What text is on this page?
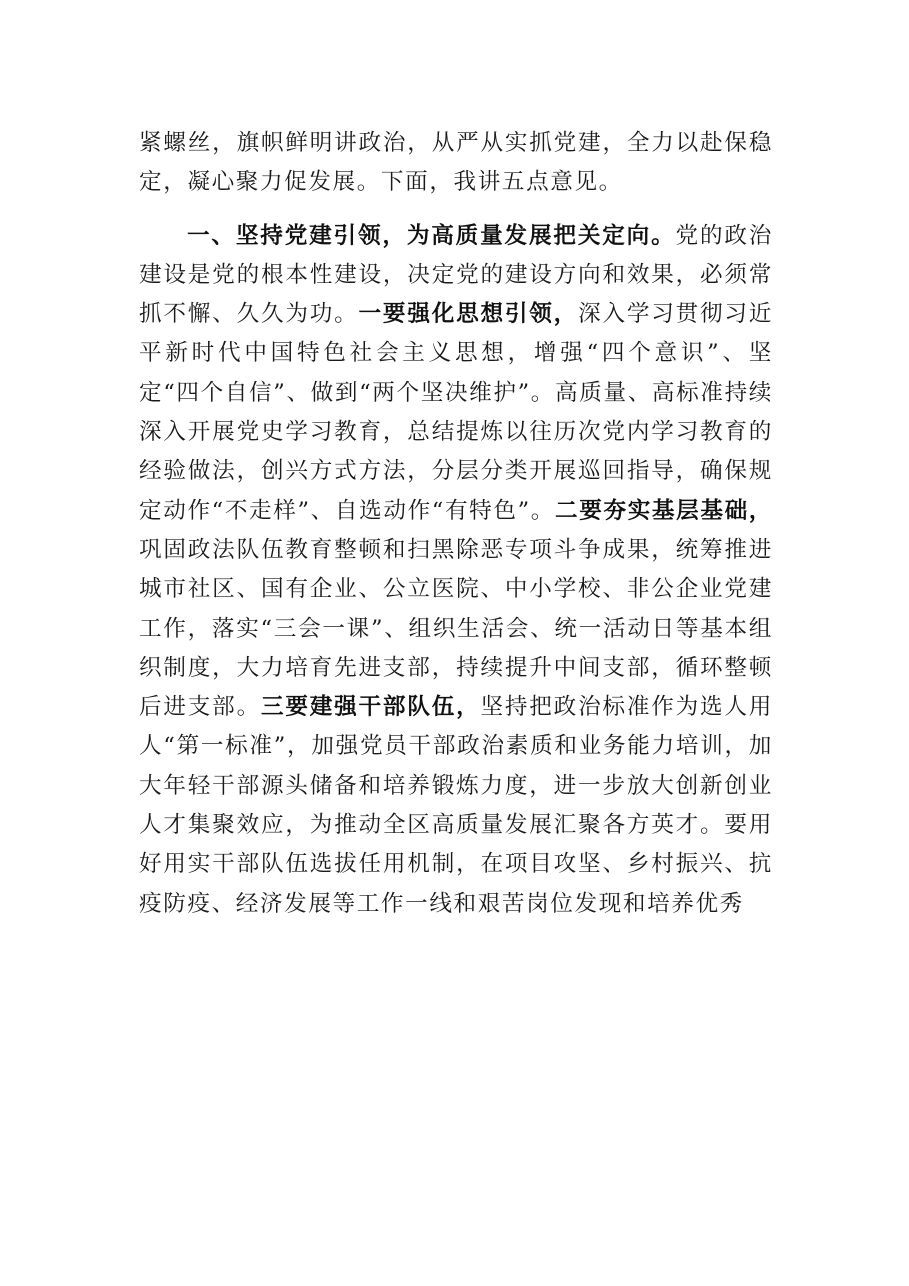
紧螺丝，旗帜鲜明讲政治，从严从实抓党建，全力以赴保稳定，凝心聚力促发展。下面，我讲五点意见。

一、坚持党建引领，为高质量发展把关定向。党的政治建设是党的根本性建设，决定党的建设方向和效果，必须常抓不懈、久久为功。一要强化思想引领，深入学习贯彻习近平新时代中国特色社会主义思想，增强“四个意识”、坚定“四个自信”、做到“两个坚决维护”。高质量、高标准持续深入开展党史学习教育，总结提炼以往历次党内学习教育的经验做法，创兴方式方法，分层分类开展巡回指导，确保规定动作“不走样”、自选动作“有特色”。二要夯实基层基础，巩固政法队伍教育整顿和扫黑除恶专项斗争成果，统筹推进城市社区、国有企业、公立医院、中小学校、非公企业党建工作，落实“三会一课”、组织生活会、统一活动日等基本组织制度，大力培育先进支部，持续提升中间支部，循环整顿后进支部。三要建强干部队伍，坚持把政治标准作为选人用人“第一标准”，加强党员干部政治素质和业务能力培训，加大年轻干部源头储备和培养锻炼力度，进一步放大创新创业人才集聚效应，为推动全区高质量发展汇聚各方英才。要用好用实干部队伍选拔任用机制，在项目攻坚、乡村振兴、抗疫防疫、经济发展等工作一线和艰苦岗位发现和培养优秀
